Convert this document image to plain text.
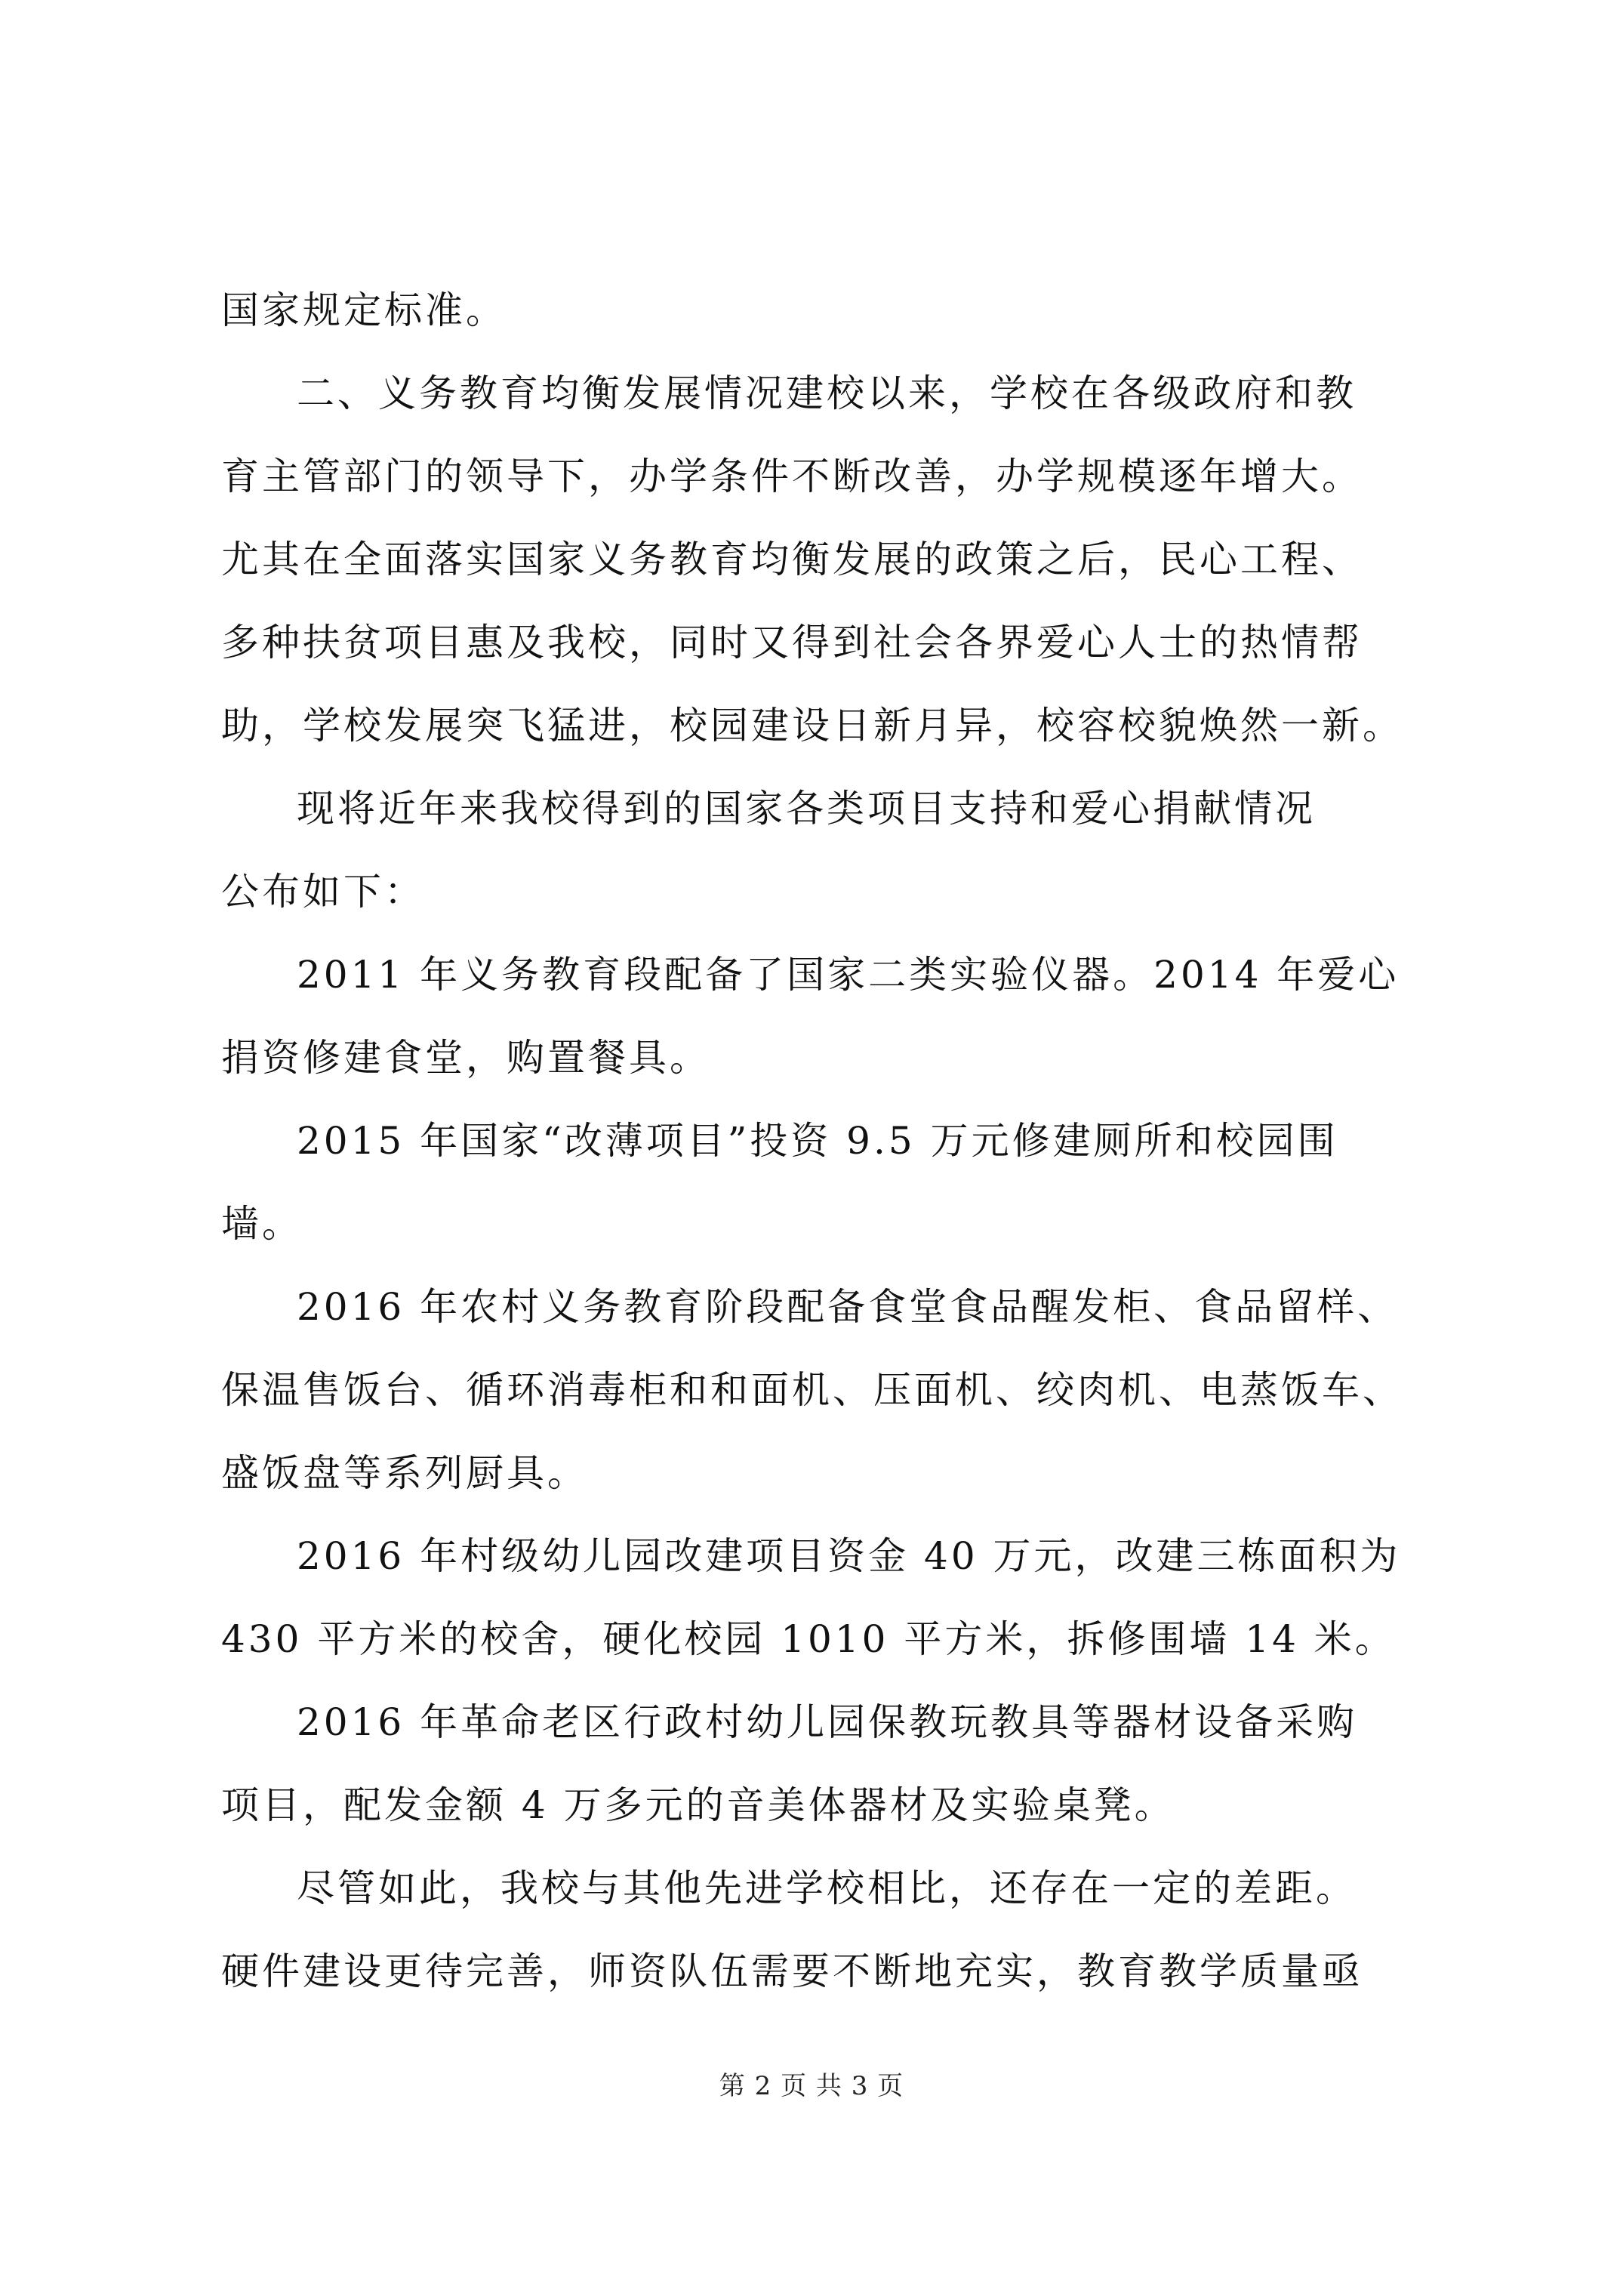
国家规定标准。
二、义务教育均衡发展情况建校以来，学校在各级政府和教
育主管部门的领导下，办学条件不断改善，办学规模逐年增大。
尤其在全面落实国家义务教育均衡发展的政策之后，民心工程、
多种扶贫项目惠及我校，同时又得到社会各界爱心人士的热情帮
助，学校发展突飞猛进，校园建设日新月异，校容校貌焕然一新。
现将近年来我校得到的国家各类项目支持和爱心捐献情况
公布如下：
2011 年义务教育段配备了国家二类实验仪器。2014 年爱心
捐资修建食堂，购置餐具。
2015 年国家“改薄项目”投资 9.5 万元修建厕所和校园围
墙。
2016 年农村义务教育阶段配备食堂食品醒发柜、食品留样、
保温售饭台、循环消毒柜和和面机、压面机、绞肉机、电蒸饭车、
盛饭盘等系列厨具。
2016 年村级幼儿园改建项目资金 40 万元，改建三栋面积为
430 平方米的校舍，硬化校园 1010 平方米，拆修围墙 14 米。
2016 年革命老区行政村幼儿园保教玩教具等器材设备采购
项目，配发金额 4 万多元的音美体器材及实验桌凳。
尽管如此，我校与其他先进学校相比，还存在一定的差距。
硬件建设更待完善，师资队伍需要不断地充实，教育教学质量亟
第 2 页 共 3 页
